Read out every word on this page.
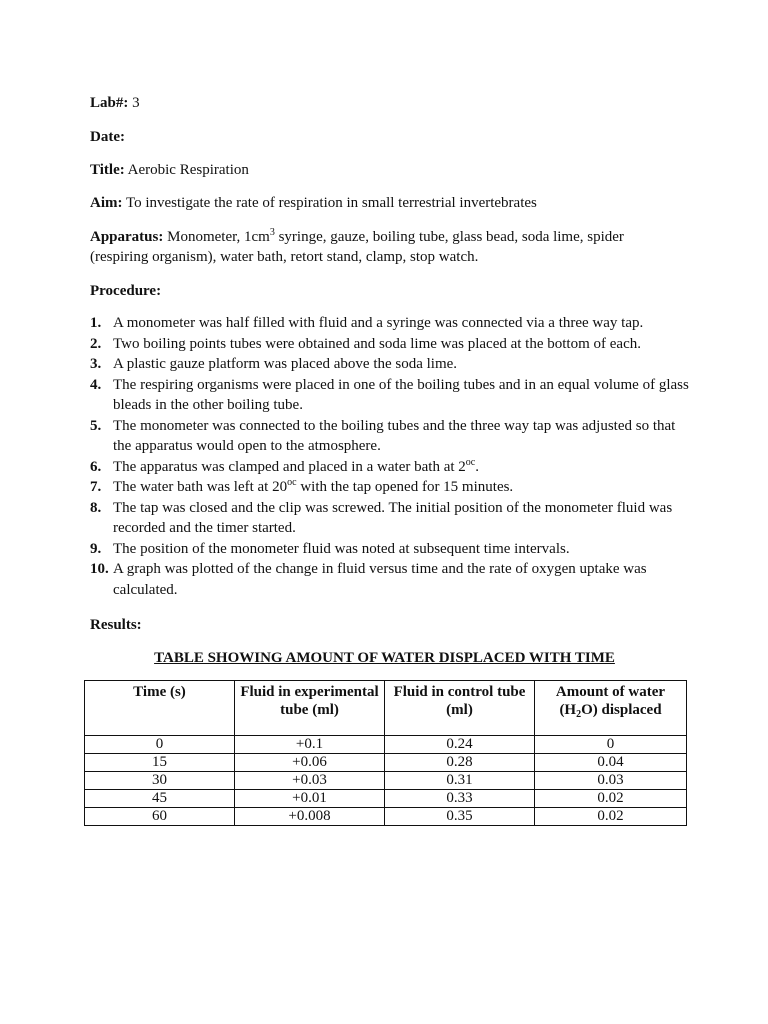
Lab#: 3

Date:

Title: Aerobic Respiration

Aim: To investigate the rate of respiration in small terrestrial invertebrates

Apparatus: Monometer, $1cm^3$ syringe, gauze, boiling tube, glass bead, soda lime, spider

(respiring organism), water bath, retort stand, clamp, stop watch.

Procedure:

1. A monometer was half filled with fluid and a syringe was connected via a three way tap.
2. Two boiling points tubes were obtained and soda lime was placed at the bottom of each.
3. A plastic gauze platform was placed above the soda lime.
4. The respiring organisms were placed in one of the boiling tubes and in an equal volume of glass bleads in the other boiling tube.
5. The monometer was connected to the boiling tubes and the three way tap was adjusted so that the apparatus would open to the atmosphere.
6. The apparatus was clamped and placed in a water bath at $2^{oc}$.
7. The water bath was left at $20^{oc}$ with the tap opened for 15 minutes.
8. The tap was closed and the clip was screwed. The initial position of the monometer fluid was recorded and the timer started.
9. The position of the monometer fluid was noted at subsequent time intervals.
10. A graph was plotted of the change in fluid versus time and the rate of oxygen uptake was calculated.

Results:

TABLE SHOWING AMOUNT OF WATER DISPLACED WITH TIME
Time (s)	Fluid in experimental tube (ml)	Fluid in control tube (ml)	Amount of water $(H_2O)$ displaced
0	+0.1	0.24	0
15	+0.06	0.28	0.04
30	+0.03	0.31	0.03
45	+0.01	0.33	0.02
60	+0.008	0.35	0.02
